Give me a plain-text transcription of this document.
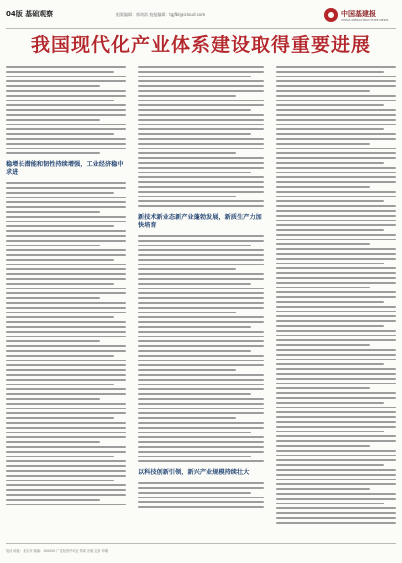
04版 基础观察	组版编辑：郭鸿淇 校报编辑：tgjfbl@icloud.com	中国基建报
CHINA INFRASTRUCTURE NEWS
我国现代化产业体系建设取得重要进展
稳增长潜能和韧性持续增强，工业经济稳中求进
新技术新业态新产业蓬勃发展，新质生产力加快培育
以科技创新引领，新兴产业规模持续壮大
电话 地址：北京市 邮编：100000 广告经营许可证 每周 出版 定价 印刷
